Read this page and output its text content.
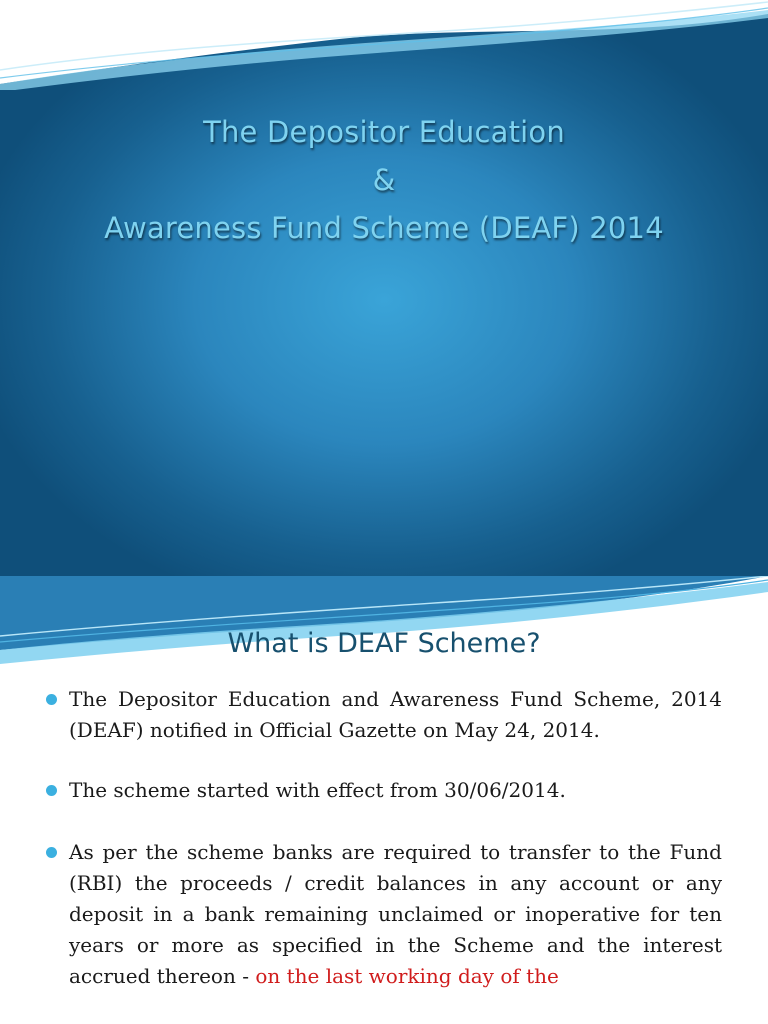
The Depositor Education
&
Awareness Fund Scheme (DEAF) 2014
What is DEAF Scheme?
The Depositor Education and Awareness Fund Scheme, 2014 (DEAF) notified in Official Gazette on May 24, 2014.
The scheme started with effect from 30/06/2014.
As per the scheme banks are required to transfer to the Fund (RBI) the proceeds / credit balances in any account or any deposit in a bank remaining unclaimed or inoperative for ten years or more as specified in the Scheme and the interest accrued thereon - on the last working day of the
